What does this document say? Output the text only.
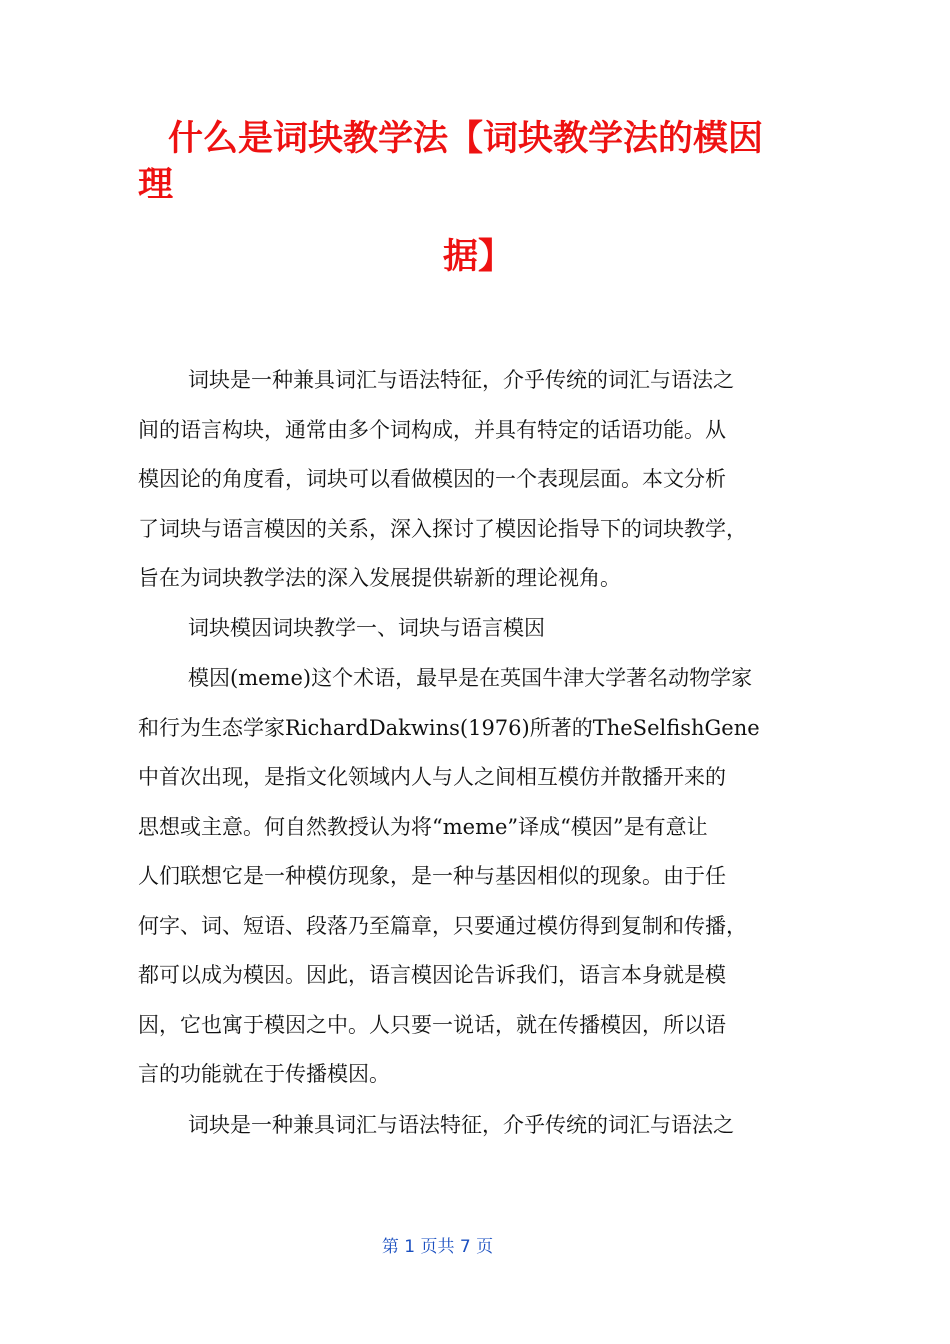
什么是词块教学法【词块教学法的模因
理
据】

词块是一种兼具词汇与语法特征，介乎传统的词汇与语法之
间的语言构块，通常由多个词构成，并具有特定的话语功能。从
模因论的角度看，词块可以看做模因的一个表现层面。本文分析
了词块与语言模因的关系，深入探讨了模因论指导下的词块教学，
旨在为词块教学法的深入发展提供崭新的理论视角。

词块模因词块教学一、词块与语言模因

模因(meme)这个术语，最早是在英国牛津大学著名动物学家
和行为生态学家RichardDakwins(1976)所著的TheSelfishGene
中首次出现，是指文化领域内人与人之间相互模仿并散播开来的
思想或主意。何自然教授认为将“meme”译成“模因”是有意让
人们联想它是一种模仿现象，是一种与基因相似的现象。由于任
何字、词、短语、段落乃至篇章，只要通过模仿得到复制和传播，
都可以成为模因。因此，语言模因论告诉我们，语言本身就是模
因，它也寓于模因之中。人只要一说话，就在传播模因，所以语
言的功能就在于传播模因。

词块是一种兼具词汇与语法特征，介乎传统的词汇与语法之

第 1 页共 7 页
